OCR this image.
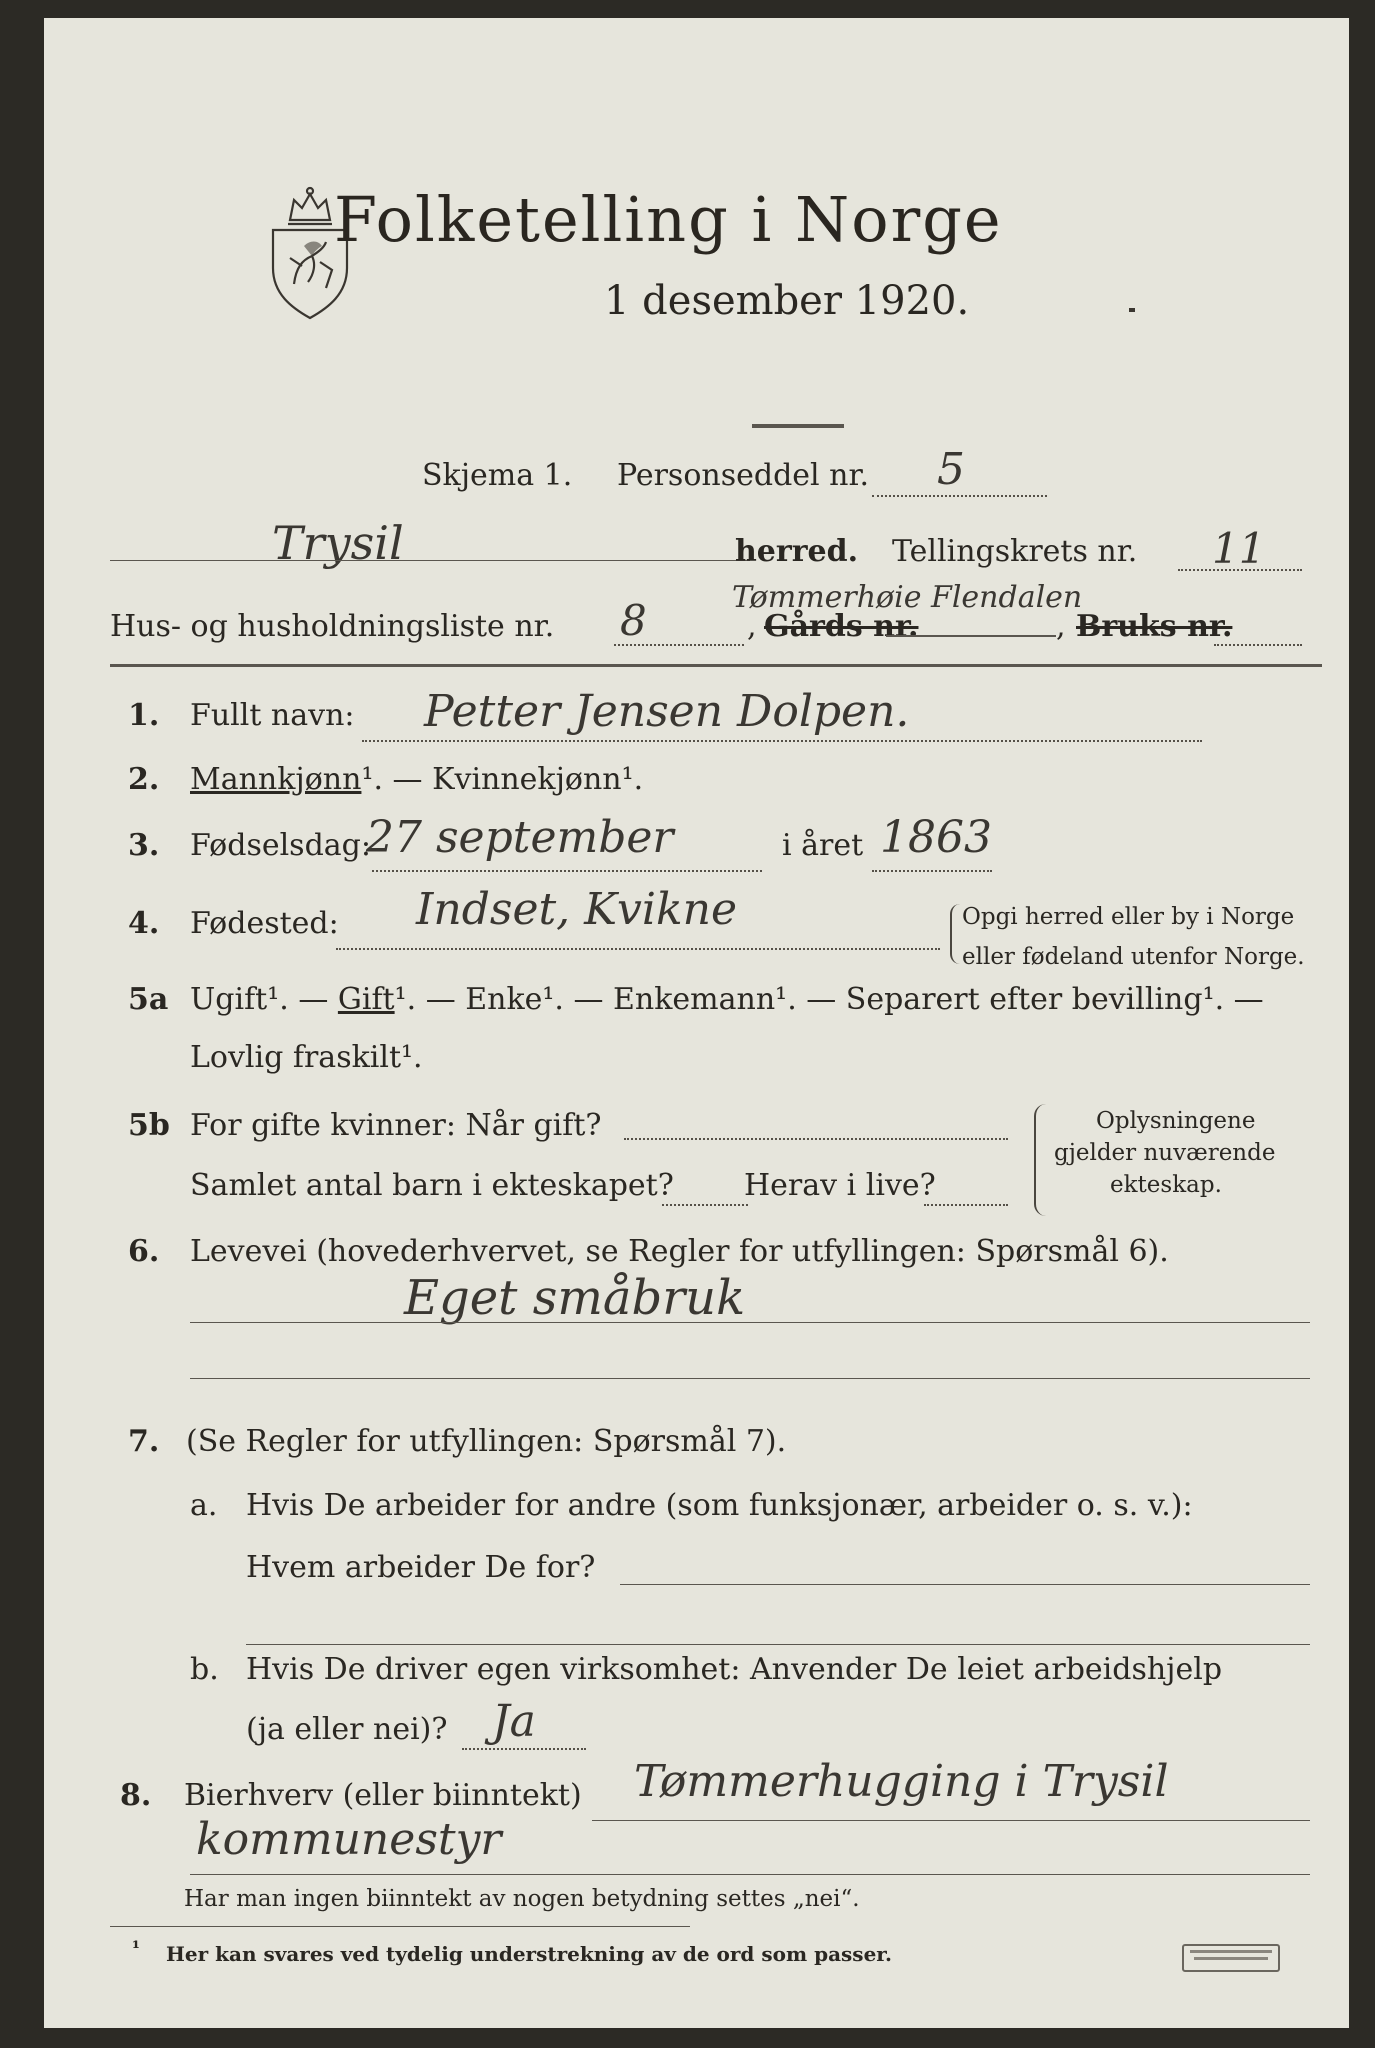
Folketelling i Norge
1 desember 1920.
Skjema 1. Personseddel nr. 5
Trysil	herred. Tellingskrets nr. 11
Hus- og husholdningsliste nr. 8	, Gårds nr.
Tømmerhøie Flendalen
, Bruks nr.
1. Fullt navn: Petter Jensen Dolpen.
2. Mannkjønn¹. — Kvinnekjønn¹.
3. Fødselsdag:
27 september	i året 1863
4. Fødested: Indset, Kvikne	Opgi herred eller by i Norge
eller fødeland utenfor Norge.
5a Ugift¹. — Gift¹. — Enke¹. — Enkemann¹. — Separert efter bevilling¹. —
Lovlig fraskilt¹.
5b For gifte kvinner: Når gift?
Samlet antal barn i ekteskapet? Herav i live?
Oplysningene
gjelder nuværende
ekteskap.
6. Levevei (hovederhvervet, se Regler for utfyllingen: Spørsmål 6).
Eget småbruk
7. (Se Regler for utfyllingen: Spørsmål 7).
a. Hvis De arbeider for andre (som funksjonær, arbeider o. s. v.):
Hvem arbeider De for?
b. Hvis De driver egen virksomhet: Anvender De leiet arbeidshjelp
(ja eller nei)? Ja
8. Bierhverv (eller biinntekt) Tømmerhugging i Trysil
kommunestyr
Har man ingen biinntekt av nogen betydning settes „nei“.
¹ Her kan svares ved tydelig understrekning av de ord som passer.
